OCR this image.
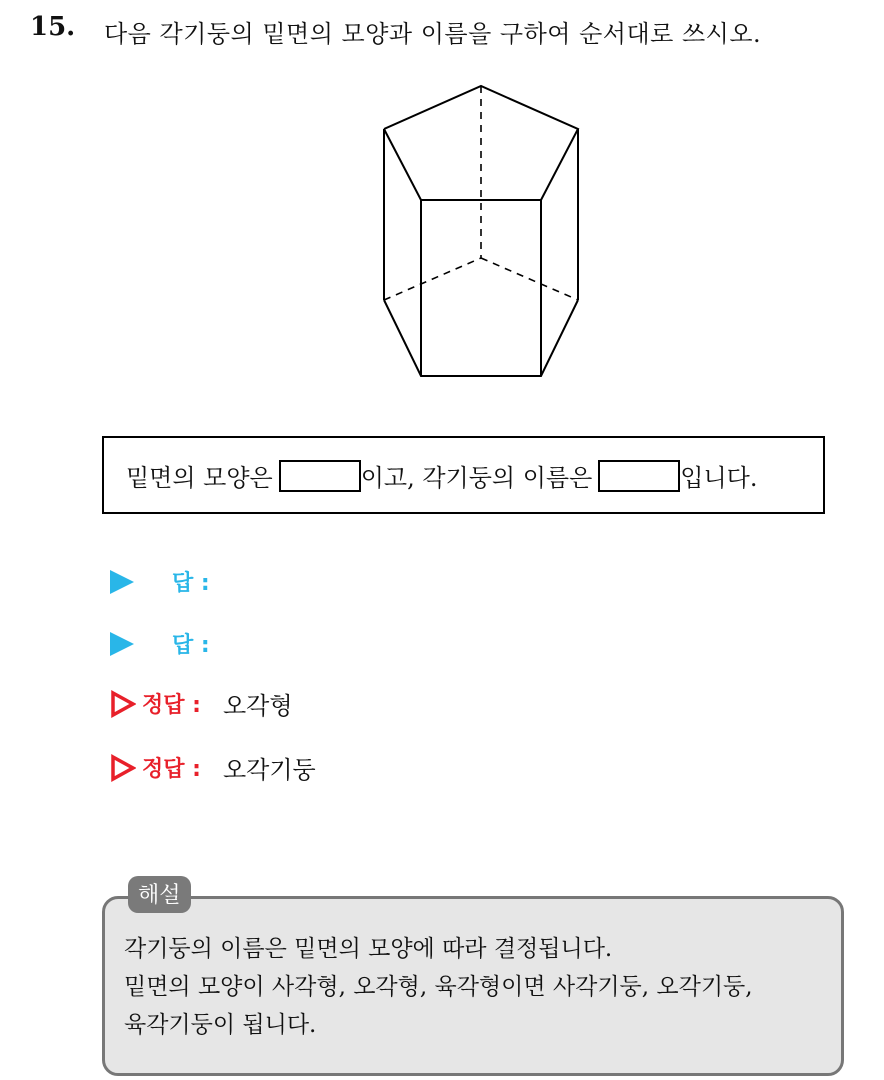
15. 다음 각기둥의 밑면의 모양과 이름을 구하여 순서대로 쓰시오.
밑면의 모양은	이고, 각기둥의 이름은	입니다.
답 :
답 :
정답 : 오각형
정답 : 오각기둥
해설
각기둥의 이름은 밑면의 모양에 따라 결정됩니다.
밑면의 모양이 사각형, 오각형, 육각형이면 사각기둥, 오각기둥,
육각기둥이 됩니다.
